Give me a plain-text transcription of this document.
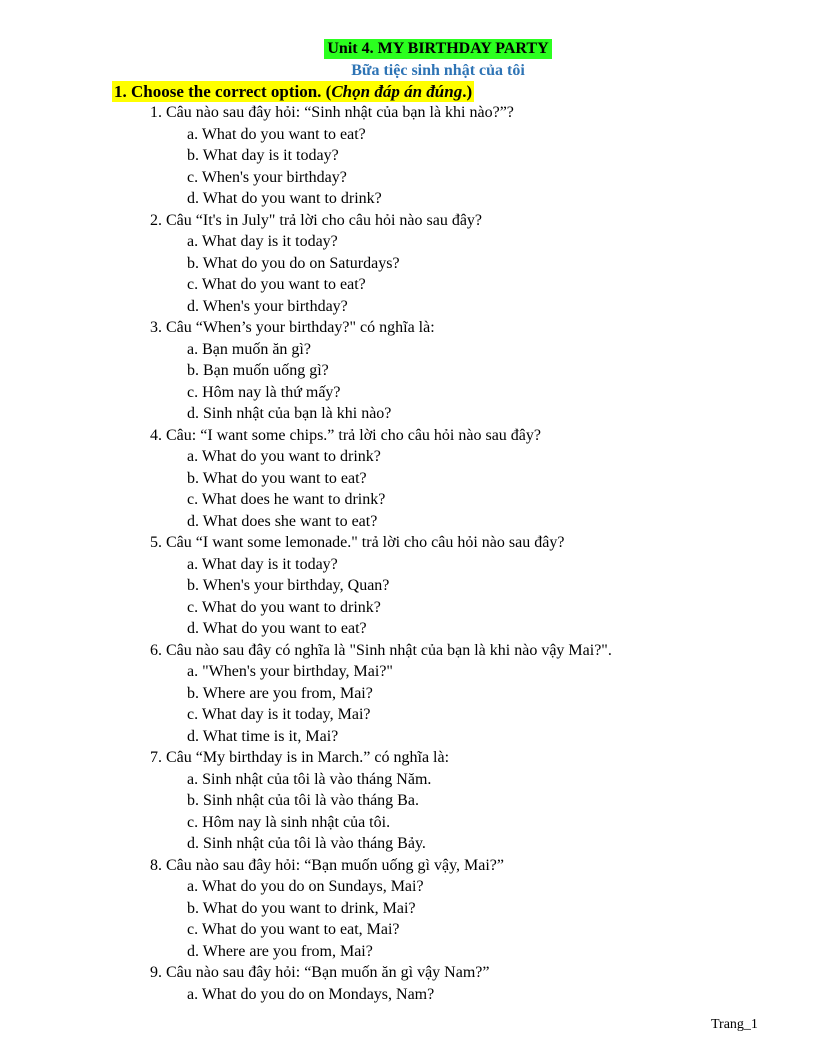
Unit 4. MY BIRTHDAY PARTY
Bữa tiệc sinh nhật của tôi
1. Choose the correct option. (Chọn đáp án đúng.)
1. Câu nào sau đây hỏi: “Sinh nhật của bạn là khi nào?”?
a. What do you want to eat?
b. What day is it today?
c. When's your birthday?
d. What do you want to drink?
2. Câu “It's in July" trả lời cho câu hỏi nào sau đây?
a. What day is it today?
b. What do you do on Saturdays?
c. What do you want to eat?
d. When's your birthday?
3. Câu “When’s your birthday?" có nghĩa là:
a. Bạn muốn ăn gì?
b. Bạn muốn uống gì?
c. Hôm nay là thứ mấy?
d. Sinh nhật của bạn là khi nào?
4. Câu: “I want some chips.” trả lời cho câu hỏi nào sau đây?
a. What do you want to drink?
b. What do you want to eat?
c. What does he want to drink?
d. What does she want to eat?
5. Câu “I want some lemonade." trả lời cho câu hỏi nào sau đây?
a. What day is it today?
b. When's your birthday, Quan?
c. What do you want to drink?
d. What do you want to eat?
6. Câu nào sau đây có nghĩa là "Sinh nhật của bạn là khi nào vậy Mai?".
a. "When's your birthday, Mai?"
b. Where are you from, Mai?
c. What day is it today, Mai?
d. What time is it, Mai?
7. Câu “My birthday is in March.” có nghĩa là:
a. Sinh nhật của tôi là vào tháng Năm.
b. Sinh nhật của tôi là vào tháng Ba.
c. Hôm nay là sinh nhật của tôi.
d. Sinh nhật của tôi là vào tháng Bảy.
8. Câu nào sau đây hỏi: “Bạn muốn uống gì vậy, Mai?”
a. What do you do on Sundays, Mai?
b. What do you want to drink, Mai?
c. What do you want to eat, Mai?
d. Where are you from, Mai?
9. Câu nào sau đây hỏi: “Bạn muốn ăn gì vậy Nam?”
a. What do you do on Mondays, Nam?
Trang_1
